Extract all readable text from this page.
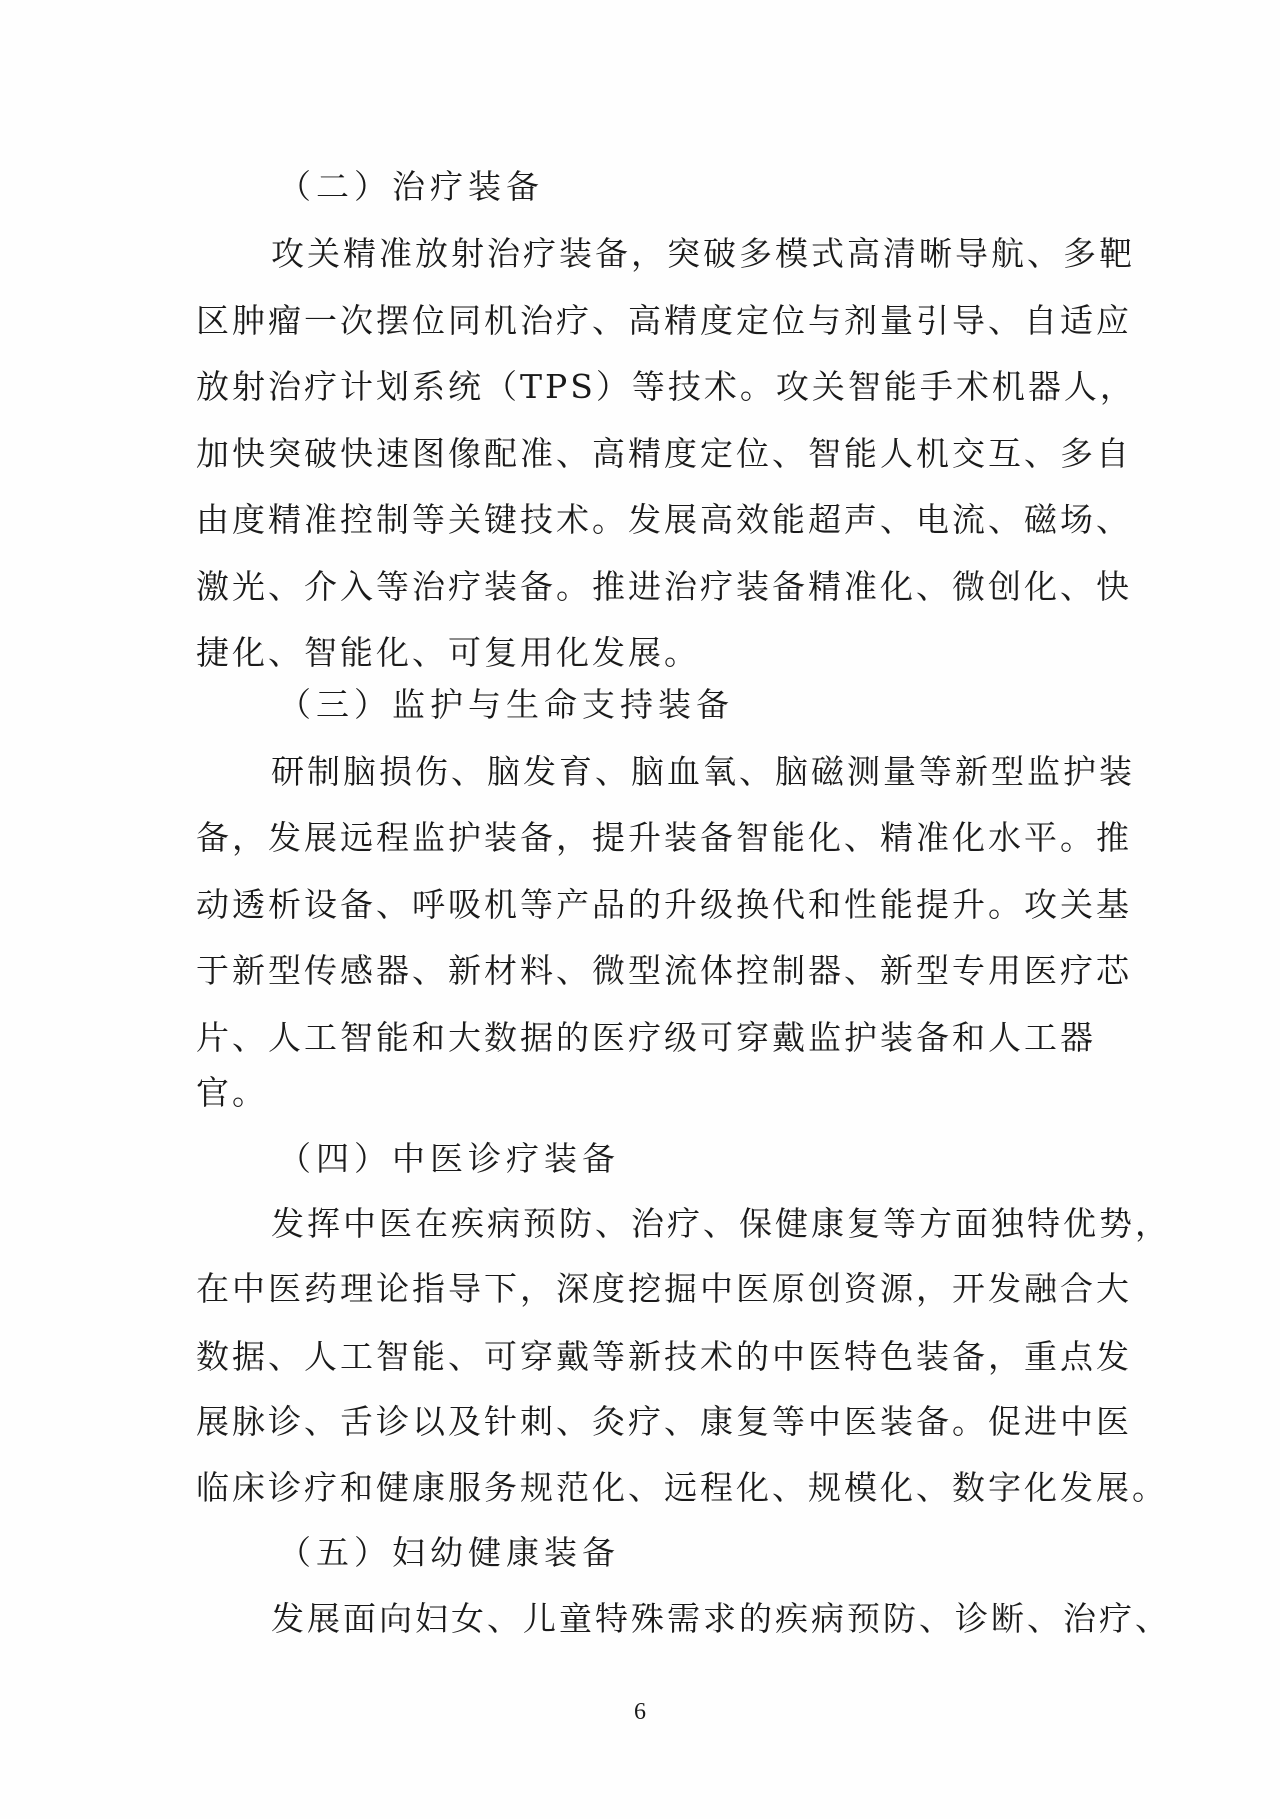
（二）治疗装备
攻关精准放射治疗装备，突破多模式高清晰导航、多靶
区肿瘤一次摆位同机治疗、高精度定位与剂量引导、自适应
放射治疗计划系统（TPS）等技术。攻关智能手术机器人，
加快突破快速图像配准、高精度定位、智能人机交互、多自
由度精准控制等关键技术。发展高效能超声、电流、磁场、
激光、介入等治疗装备。推进治疗装备精准化、微创化、快
捷化、智能化、可复用化发展。
（三）监护与生命支持装备
研制脑损伤、脑发育、脑血氧、脑磁测量等新型监护装
备，发展远程监护装备，提升装备智能化、精准化水平。推
动透析设备、呼吸机等产品的升级换代和性能提升。攻关基
于新型传感器、新材料、微型流体控制器、新型专用医疗芯
片、人工智能和大数据的医疗级可穿戴监护装备和人工器
官。
（四）中医诊疗装备
发挥中医在疾病预防、治疗、保健康复等方面独特优势，
在中医药理论指导下，深度挖掘中医原创资源，开发融合大
数据、人工智能、可穿戴等新技术的中医特色装备，重点发
展脉诊、舌诊以及针刺、灸疗、康复等中医装备。促进中医
临床诊疗和健康服务规范化、远程化、规模化、数字化发展。
（五）妇幼健康装备
发展面向妇女、儿童特殊需求的疾病预防、诊断、治疗、
6
